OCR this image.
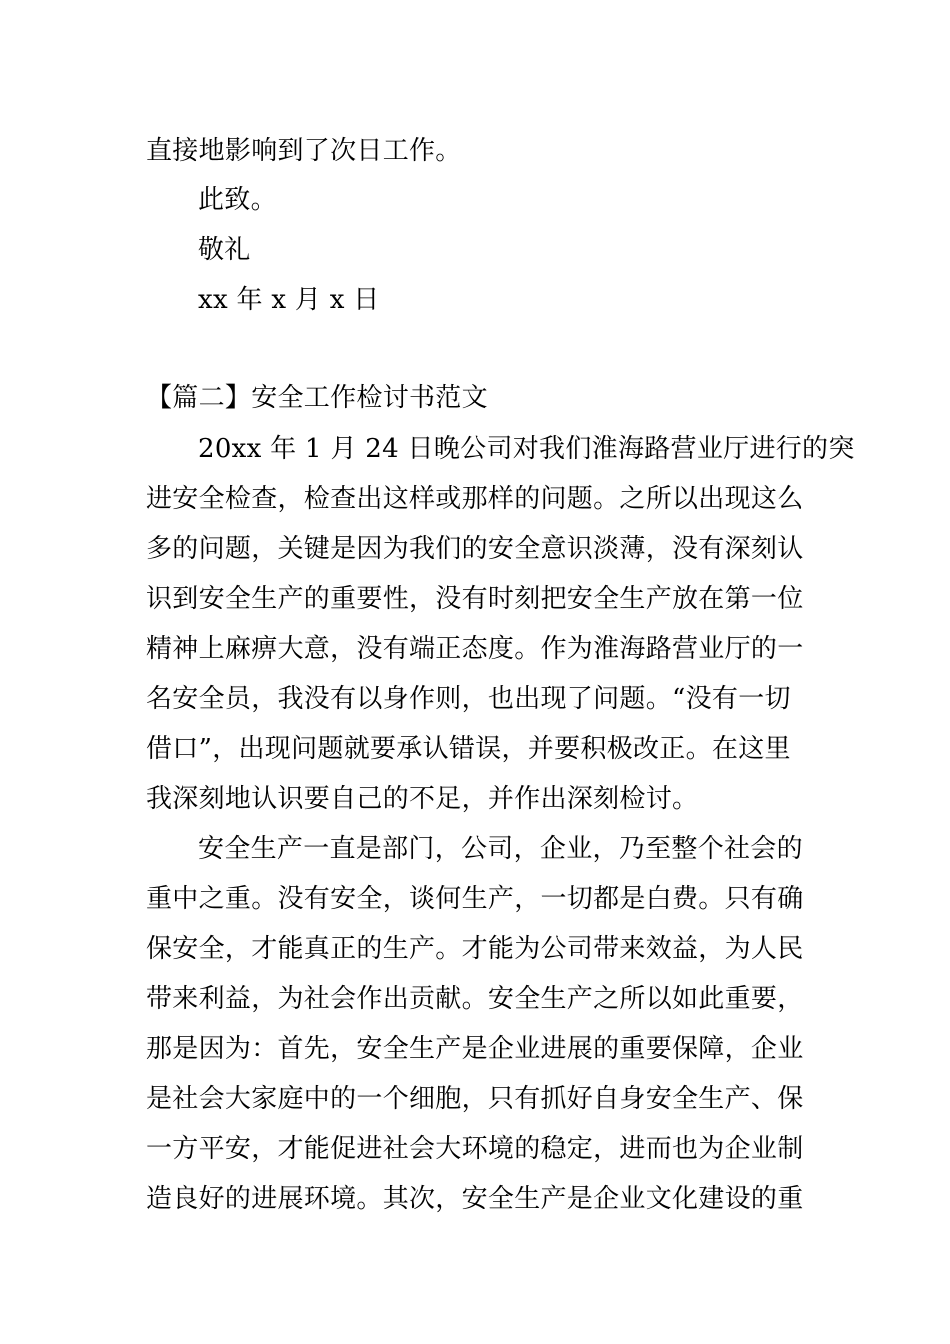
直接地影响到了次日工作。
此致。
敬礼
xx 年 x 月 x 日
【篇二】安全工作检讨书范文
20xx 年 1 月 24 日晚公司对我们淮海路营业厅进行的突
进安全检查，检查出这样或那样的问题。之所以出现这么
多的问题，关键是因为我们的安全意识淡薄，没有深刻认
识到安全生产的重要性，没有时刻把安全生产放在第一位
精神上麻痹大意，没有端正态度。作为淮海路营业厅的一
名安全员，我没有以身作则，也出现了问题。“没有一切
借口”，出现问题就要承认错误，并要积极改正。在这里
我深刻地认识要自己的不足，并作出深刻检讨。
安全生产一直是部门，公司，企业，乃至整个社会的
重中之重。没有安全，谈何生产，一切都是白费。只有确
保安全，才能真正的生产。才能为公司带来效益，为人民
带来利益，为社会作出贡献。安全生产之所以如此重要，
那是因为：首先，安全生产是企业进展的重要保障，企业
是社会大家庭中的一个细胞，只有抓好自身安全生产、保
一方平安，才能促进社会大环境的稳定，进而也为企业制
造良好的进展环境。其次，安全生产是企业文化建设的重
